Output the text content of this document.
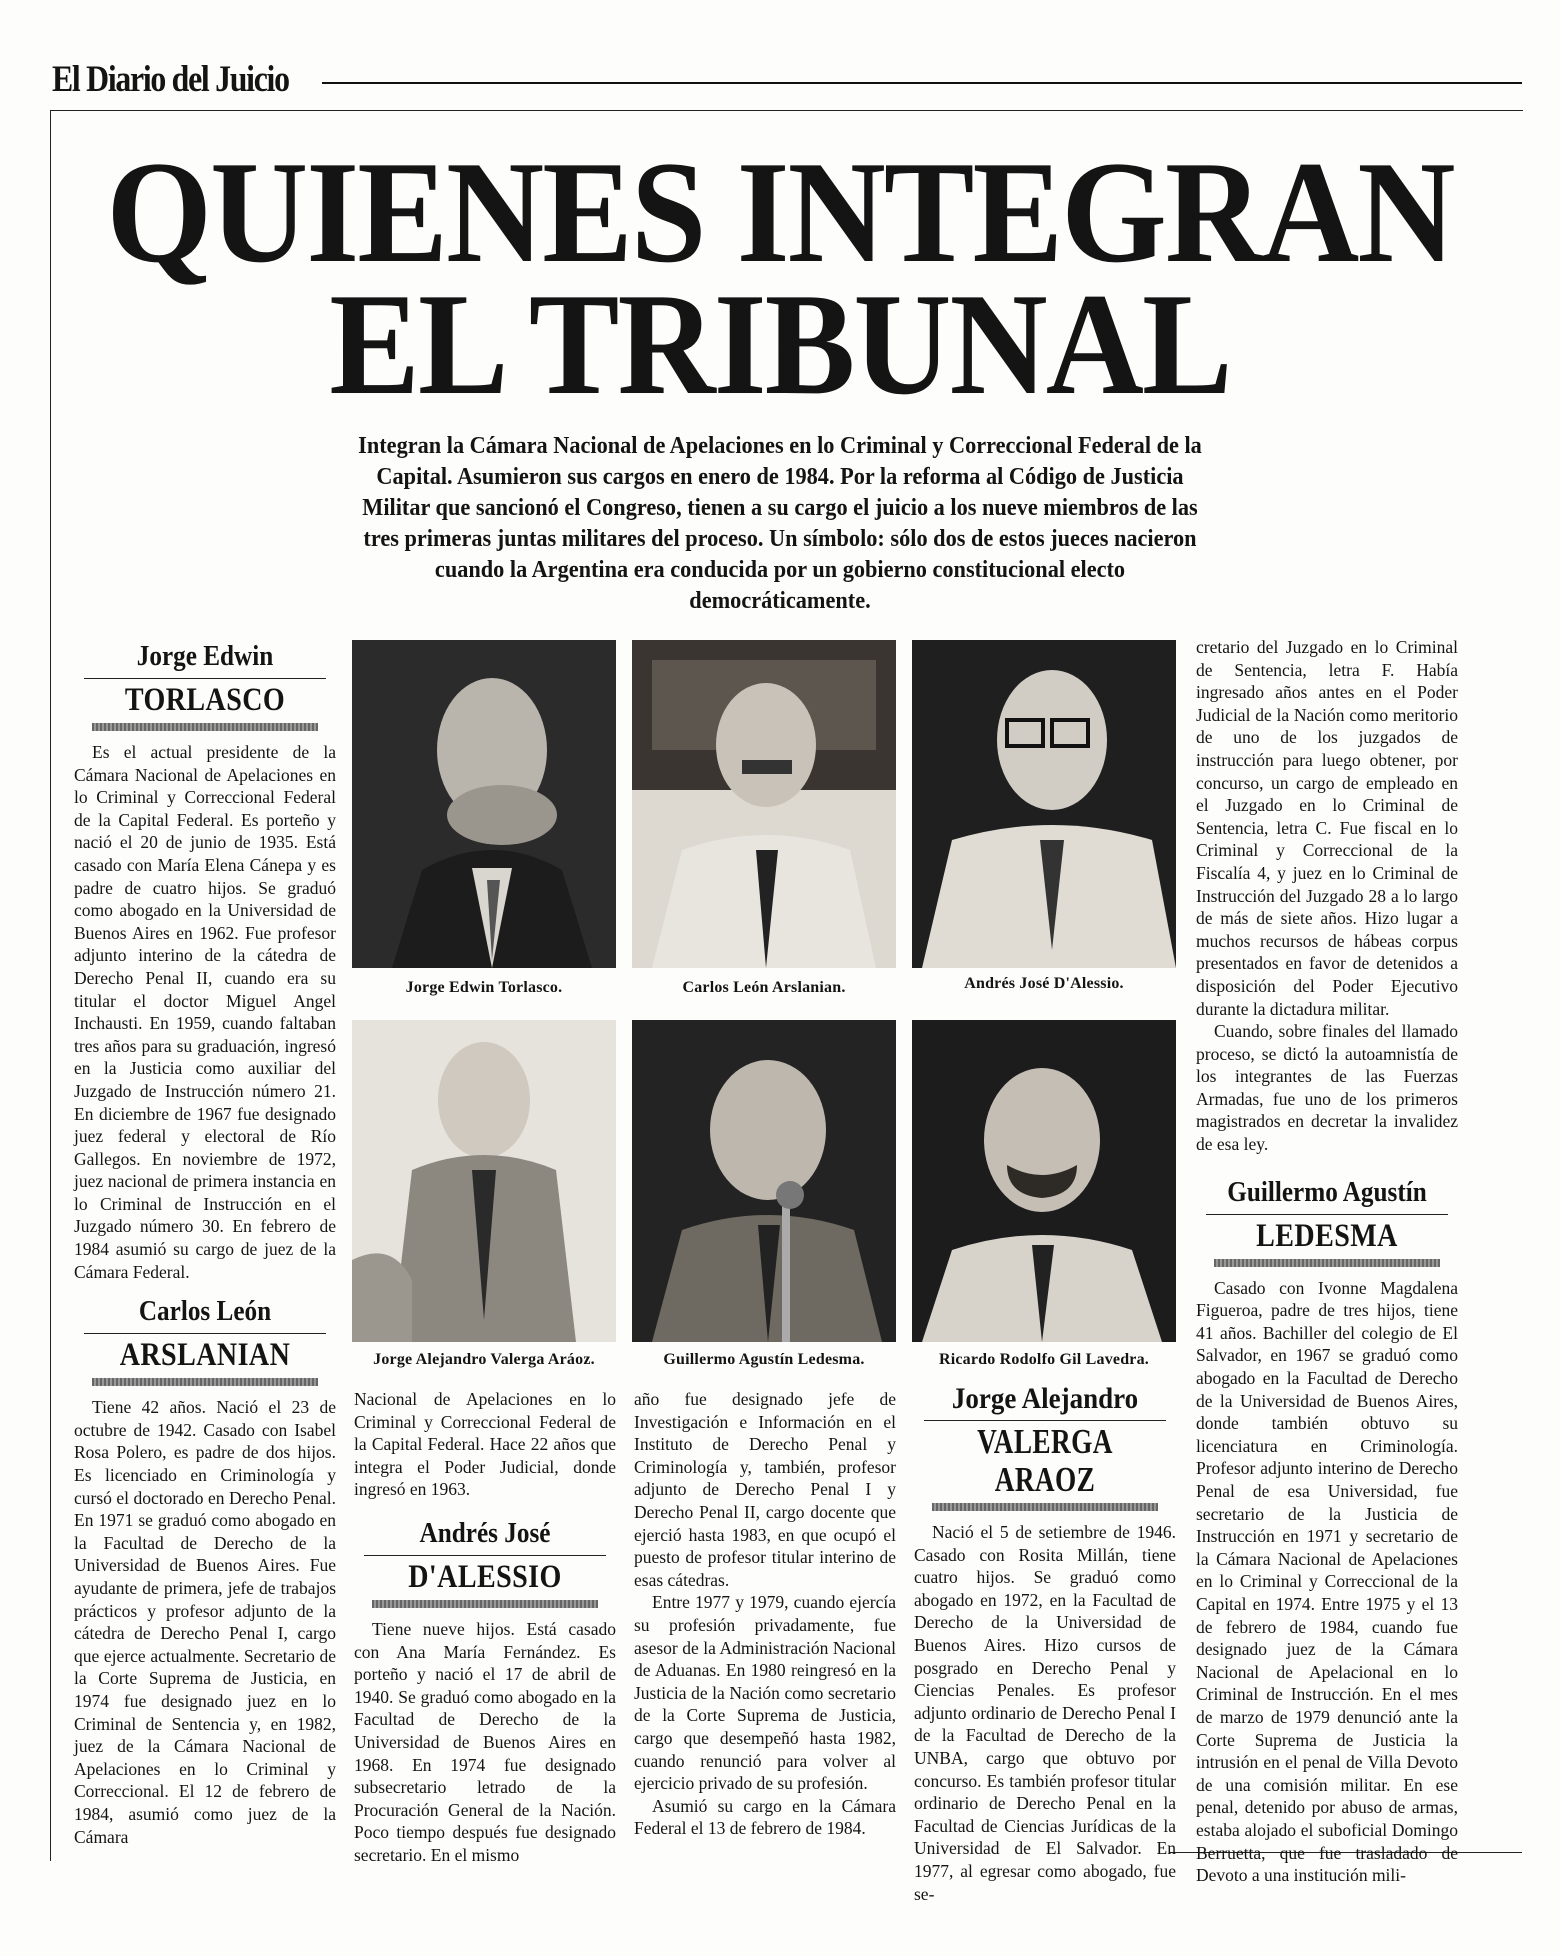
El Diario del Juicio
QUIENES INTEGRAN
EL TRIBUNAL
Integran la Cámara Nacional de Apelaciones en lo Criminal y Correccional Federal de la Capital. Asumieron sus cargos en enero de 1984. Por la reforma al Código de Justicia Militar que sancionó el Congreso, tienen a su cargo el juicio a los nueve miembros de las tres primeras juntas militares del proceso. Un símbolo: sólo dos de estos jueces nacieron cuando la Argentina era conducida por un gobierno constitucional electo democráticamente.
Jorge Edwin
TORLASCO

Es el actual presidente de la Cámara Nacional de Apelaciones en lo Criminal y Correccional Federal de la Capital Federal. Es porteño y nació el 20 de junio de 1935. Está casado con María Elena Cánepa y es padre de cuatro hijos. Se graduó como abogado en la Universidad de Buenos Aires en 1962. Fue profesor adjunto interino de la cátedra de Derecho Penal II, cuando era su titular el doctor Miguel Angel Inchausti. En 1959, cuando faltaban tres años para su graduación, ingresó en la Justicia como auxiliar del Juzgado de Instrucción número 21. En diciembre de 1967 fue designado juez federal y electoral de Río Gallegos. En noviembre de 1972, juez nacional de primera instancia en lo Criminal de Instrucción en el Juzgado número 30. En febrero de 1984 asumió su cargo de juez de la Cámara Federal.

Carlos León
ARSLANIAN

Tiene 42 años. Nació el 23 de octubre de 1942. Casado con Isabel Rosa Polero, es padre de dos hijos. Es licenciado en Criminología y cursó el doctorado en Derecho Penal. En 1971 se graduó como abogado en la Facultad de Derecho de la Universidad de Buenos Aires. Fue ayudante de primera, jefe de trabajos prácticos y profesor adjunto de la cátedra de Derecho Penal I, cargo que ejerce actualmente. Secretario de la Corte Suprema de Justicia, en 1974 fue designado juez en lo Criminal de Sentencia y, en 1982, juez de la Cámara Nacional de Apelaciones en lo Criminal y Correccional. El 12 de febrero de 1984, asumió como juez de la Cámara

Jorge Edwin Torlasco.	Carlos León Arslanian.	Andrés José D'Alessio.
Jorge Alejandro Valerga Aráoz.	Guillermo Agustín Ledesma.	Ricardo Rodolfo Gil Lavedra.

Nacional de Apelaciones en lo Criminal y Correccional Federal de la Capital Federal. Hace 22 años que integra el Poder Judicial, donde ingresó en 1963.

Andrés José
D'ALESSIO

Tiene nueve hijos. Está casado con Ana María Fernández. Es porteño y nació el 17 de abril de 1940. Se graduó como abogado en la Facultad de Derecho de la Universidad de Buenos Aires en 1968. En 1974 fue designado subsecretario letrado de la Procuración General de la Nación. Poco tiempo después fue designado secretario. En el mismo

año fue designado jefe de Investigación e Información en el Instituto de Derecho Penal y Criminología y, también, profesor adjunto de Derecho Penal I y Derecho Penal II, cargo docente que ejerció hasta 1983, en que ocupó el puesto de profesor titular interino de esas cátedras.

Entre 1977 y 1979, cuando ejercía su profesión privadamente, fue asesor de la Administración Nacional de Aduanas. En 1980 reingresó en la Justicia de la Nación como secretario de la Corte Suprema de Justicia, cargo que desempeñó hasta 1982, cuando renunció para volver al ejercicio privado de su profesión.

Asumió su cargo en la Cámara Federal el 13 de febrero de 1984.

Jorge Alejandro
VALERGA ARAOZ

Nació el 5 de setiembre de 1946. Casado con Rosita Millán, tiene cuatro hijos. Se graduó como abogado en 1972, en la Facultad de Derecho de la Universidad de Buenos Aires. Hizo cursos de posgrado en Derecho Penal y Ciencias Penales. Es profesor adjunto ordinario de Derecho Penal I de la Facultad de Derecho de la UNBA, cargo que obtuvo por concurso. Es también profesor titular ordinario de Derecho Penal en la Facultad de Ciencias Jurídicas de la Universidad de El Salvador. En 1977, al egresar como abogado, fue se-

cretario del Juzgado en lo Criminal de Sentencia, letra F. Había ingresado años antes en el Poder Judicial de la Nación como meritorio de uno de los juzgados de instrucción para luego obtener, por concurso, un cargo de empleado en el Juzgado en lo Criminal de Sentencia, letra C. Fue fiscal en lo Criminal y Correccional de la Fiscalía 4, y juez en lo Criminal de Instrucción del Juzgado 28 a lo largo de más de siete años. Hizo lugar a muchos recursos de hábeas corpus presentados en favor de detenidos a disposición del Poder Ejecutivo durante la dictadura militar.

Cuando, sobre finales del llamado proceso, se dictó la autoamnistía de los integrantes de las Fuerzas Armadas, fue uno de los primeros magistrados en decretar la invalidez de esa ley.

Guillermo Agustín
LEDESMA

Casado con Ivonne Magdalena Figueroa, padre de tres hijos, tiene 41 años. Bachiller del colegio de El Salvador, en 1967 se graduó como abogado en la Facultad de Derecho de la Universidad de Buenos Aires, donde también obtuvo su licenciatura en Criminología. Profesor adjunto interino de Derecho Penal de esa Universidad, fue secretario de la Justicia de Instrucción en 1971 y secretario de la Cámara Nacional de Apelaciones en lo Criminal y Correccional de la Capital en 1974. Entre 1975 y el 13 de febrero de 1984, cuando fue designado juez de la Cámara Nacional de Apelacional en lo Criminal de Instrucción. En el mes de marzo de 1979 denunció ante la Corte Suprema de Justicia la intrusión en el penal de Villa Devoto de una comisión militar. En ese penal, detenido por abuso de armas, estaba alojado el suboficial Domingo Berruetta, que fue trasladado de Devoto a una institución mili-
